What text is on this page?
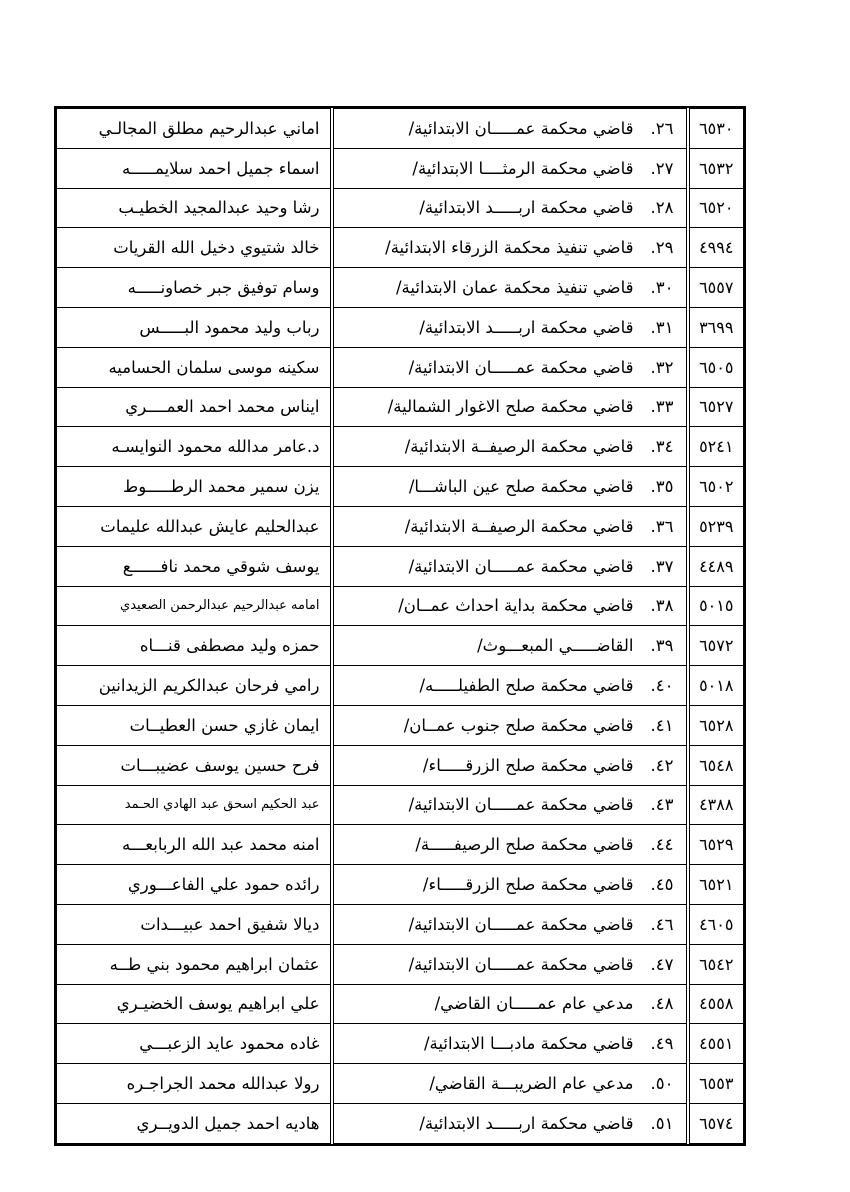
٦٥٣٠	٢٦.قاضي محكمة عمـــــان الابتدائية/	اماني عبدالرحيم مطلق المجالـي
٦٥٣٢	٢٧.قاضي محكمة الرمثــــا الابتدائية/	اسماء جميل احمد سلايمـــــه
٦٥٢٠	٢٨.قاضي محكمة اربـــــد الابتدائية/	رشا وحيد عبدالمجيد الخطيـب
٤٩٩٤	٢٩.قاضي تنفيذ محكمة الزرقاء الابتدائية/	خالد شتيوي دخيل الله القريات
٦٥٥٧	٣٠.قاضي تنفيذ محكمة عمان الابتدائية/	وسام توفيق جبر خصاونـــــه
٣٦٩٩	٣١.قاضي محكمة اربـــــد الابتدائية/	رباب وليد محمود البـــــس
٦٥٠٥	٣٢.قاضي محكمة عمـــــان الابتدائية/	سكينه موسى سلمان الحساميه
٦٥٢٧	٣٣.قاضي محكمة صلح الاغوار الشمالية/	ايناس محمد احمد العمــــري
٥٢٤١	٣٤.قاضي محكمة الرصيفــة الابتدائية/	د.عامر مدالله محمود النوايسـه
٦٥٠٢	٣٥.قاضي محكمة صلح عين الباشـــا/	يزن سمير محمد الرطـــــوط
٥٢٣٩	٣٦.قاضي محكمة الرصيفــة الابتدائية/	عبدالحليم عايش عبدالله عليمات
٤٤٨٩	٣٧.قاضي محكمة عمـــــان الابتدائية/	يوسف شوقي محمد نافــــــع
٥٠١٥	٣٨.قاضي محكمة بداية احداث عمــان/	امامه عبدالرحيم عبدالرحمن الصعيدي
٦٥٧٢	٣٩.القاضـــــي المبعـــوث/	حمزه وليد مصطفى قنـــاه
٥٠١٨	٤٠.قاضي محكمة صلح الطفيلـــــه/	رامي فرحان عبدالكريم الزيدانين
٦٥٢٨	٤١.قاضي محكمة صلح جنوب عمــان/	ايمان غازي حسن العطيــات
٦٥٤٨	٤٢.قاضي محكمة صلح الزرقـــــاء/	فرح حسين يوسف عضيبـــات
٤٣٨٨	٤٣.قاضي محكمة عمـــــان الابتدائية/	عبد الحكيم اسحق عبد الهادي الحـمد
٦٥٢٩	٤٤.قاضي محكمة صلح الرصيفـــــة/	امنه محمد عبد الله الربابعـــه
٦٥٢١	٤٥.قاضي محكمة صلح الزرقـــــاء/	رائده حمود علي الفاعـــوري
٤٦٠٥	٤٦.قاضي محكمة عمـــــان الابتدائية/	ديالا شفيق احمد عبيـــدات
٦٥٤٢	٤٧.قاضي محكمة عمـــــان الابتدائية/	عثمان ابراهيم محمود بني طــه
٤٥٥٨	٤٨.مدعي عام عمـــــان القاضي/	علي ابراهيم يوسف الخضيـري
٤٥٥١	٤٩.قاضي محكمة مادبـــا الابتدائية/	غاده محمود عايد الزعبـــي
٦٥٥٣	٥٠.مدعي عام الضريبـــة القاضي/	رولا عبدالله محمد الجراجـره
٦٥٧٤	٥١.قاضي محكمة اربـــــد الابتدائية/	هاديه احمد جميل الدويــري
